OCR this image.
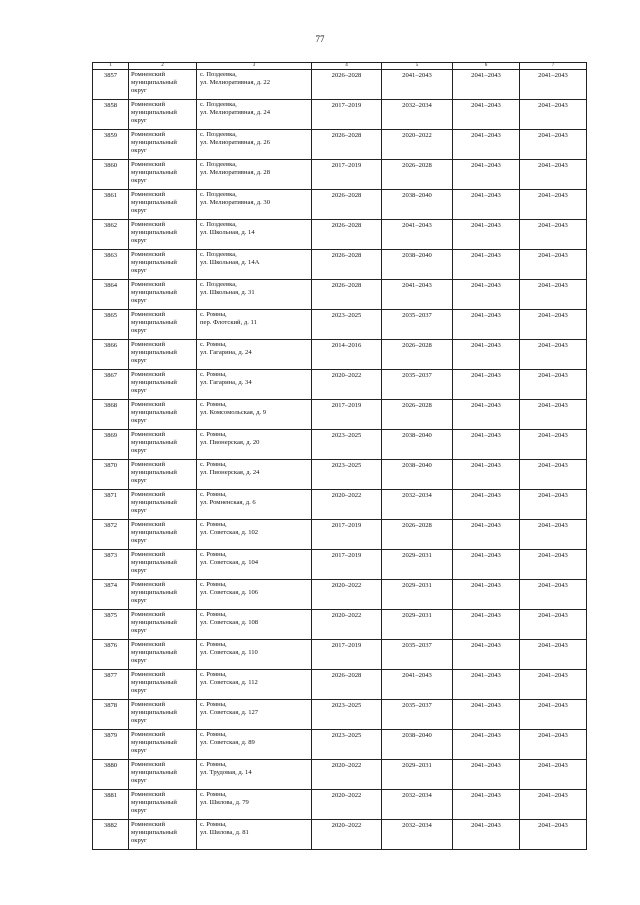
77
1	2	3	4	5	6	7
3857	Ромненский
муниципальный
округ	с. Поздеевка,
ул. Мелиоративная, д. 22	2026–2028	2041–2043	2041–2043	2041–2043
3858	Ромненский
муниципальный
округ	с. Поздеевка,
ул. Мелиоративная, д. 24	2017–2019	2032–2034	2041–2043	2041–2043
3859	Ромненский
муниципальный
округ	с. Поздеевка,
ул. Мелиоративная, д. 26	2026–2028	2020–2022	2041–2043	2041–2043
3860	Ромненский
муниципальный
округ	с. Поздеевка,
ул. Мелиоративная, д. 28	2017–2019	2026–2028	2041–2043	2041–2043
3861	Ромненский
муниципальный
округ	с. Поздеевка,
ул. Мелиоративная, д. 30	2026–2028	2038–2040	2041–2043	2041–2043
3862	Ромненский
муниципальный
округ	с. Поздеевка,
ул. Школьная, д. 14	2026–2028	2041–2043	2041–2043	2041–2043
3863	Ромненский
муниципальный
округ	с. Поздеевка,
ул. Школьная, д. 14А	2026–2028	2038–2040	2041–2043	2041–2043
3864	Ромненский
муниципальный
округ	с. Поздеевка,
ул. Школьная, д. 31	2026–2028	2041–2043	2041–2043	2041–2043
3865	Ромненский
муниципальный
округ	с. Ромны,
пер. Флотский, д. 11	2023–2025	2035–2037	2041–2043	2041–2043
3866	Ромненский
муниципальный
округ	с. Ромны,
ул. Гагарина, д. 24	2014–2016	2026–2028	2041–2043	2041–2043
3867	Ромненский
муниципальный
округ	с. Ромны,
ул. Гагарина, д. 34	2020–2022	2035–2037	2041–2043	2041–2043
3868	Ромненский
муниципальный
округ	с. Ромны,
ул. Комсомольская, д. 9	2017–2019	2026–2028	2041–2043	2041–2043
3869	Ромненский
муниципальный
округ	с. Ромны,
ул. Пионерская, д. 20	2023–2025	2038–2040	2041–2043	2041–2043
3870	Ромненский
муниципальный
округ	с. Ромны,
ул. Пионерская, д. 24	2023–2025	2038–2040	2041–2043	2041–2043
3871	Ромненский
муниципальный
округ	с. Ромны,
ул. Ромненская, д. 6	2020–2022	2032–2034	2041–2043	2041–2043
3872	Ромненский
муниципальный
округ	с. Ромны,
ул. Советская, д. 102	2017–2019	2026–2028	2041–2043	2041–2043
3873	Ромненский
муниципальный
округ	с. Ромны,
ул. Советская, д. 104	2017–2019	2029–2031	2041–2043	2041–2043
3874	Ромненский
муниципальный
округ	с. Ромны,
ул. Советская, д. 106	2020–2022	2029–2031	2041–2043	2041–2043
3875	Ромненский
муниципальный
округ	с. Ромны,
ул. Советская, д. 108	2020–2022	2029–2031	2041–2043	2041–2043
3876	Ромненский
муниципальный
округ	с. Ромны,
ул. Советская, д. 110	2017–2019	2035–2037	2041–2043	2041–2043
3877	Ромненский
муниципальный
округ	с. Ромны,
ул. Советская, д. 112	2026–2028	2041–2043	2041–2043	2041–2043
3878	Ромненский
муниципальный
округ	с. Ромны,
ул. Советская, д. 127	2023–2025	2035–2037	2041–2043	2041–2043
3879	Ромненский
муниципальный
округ	с. Ромны,
ул. Советская, д. 89	2023–2025	2038–2040	2041–2043	2041–2043
3880	Ромненский
муниципальный
округ	с. Ромны,
ул. Трудовая, д. 14	2020–2022	2029–2031	2041–2043	2041–2043
3881	Ромненский
муниципальный
округ	с. Ромны,
ул. Шилова, д. 79	2020–2022	2032–2034	2041–2043	2041–2043
3882	Ромненский
муниципальный
округ	с. Ромны,
ул. Шилова, д. 81	2020–2022	2032–2034	2041–2043	2041–2043
